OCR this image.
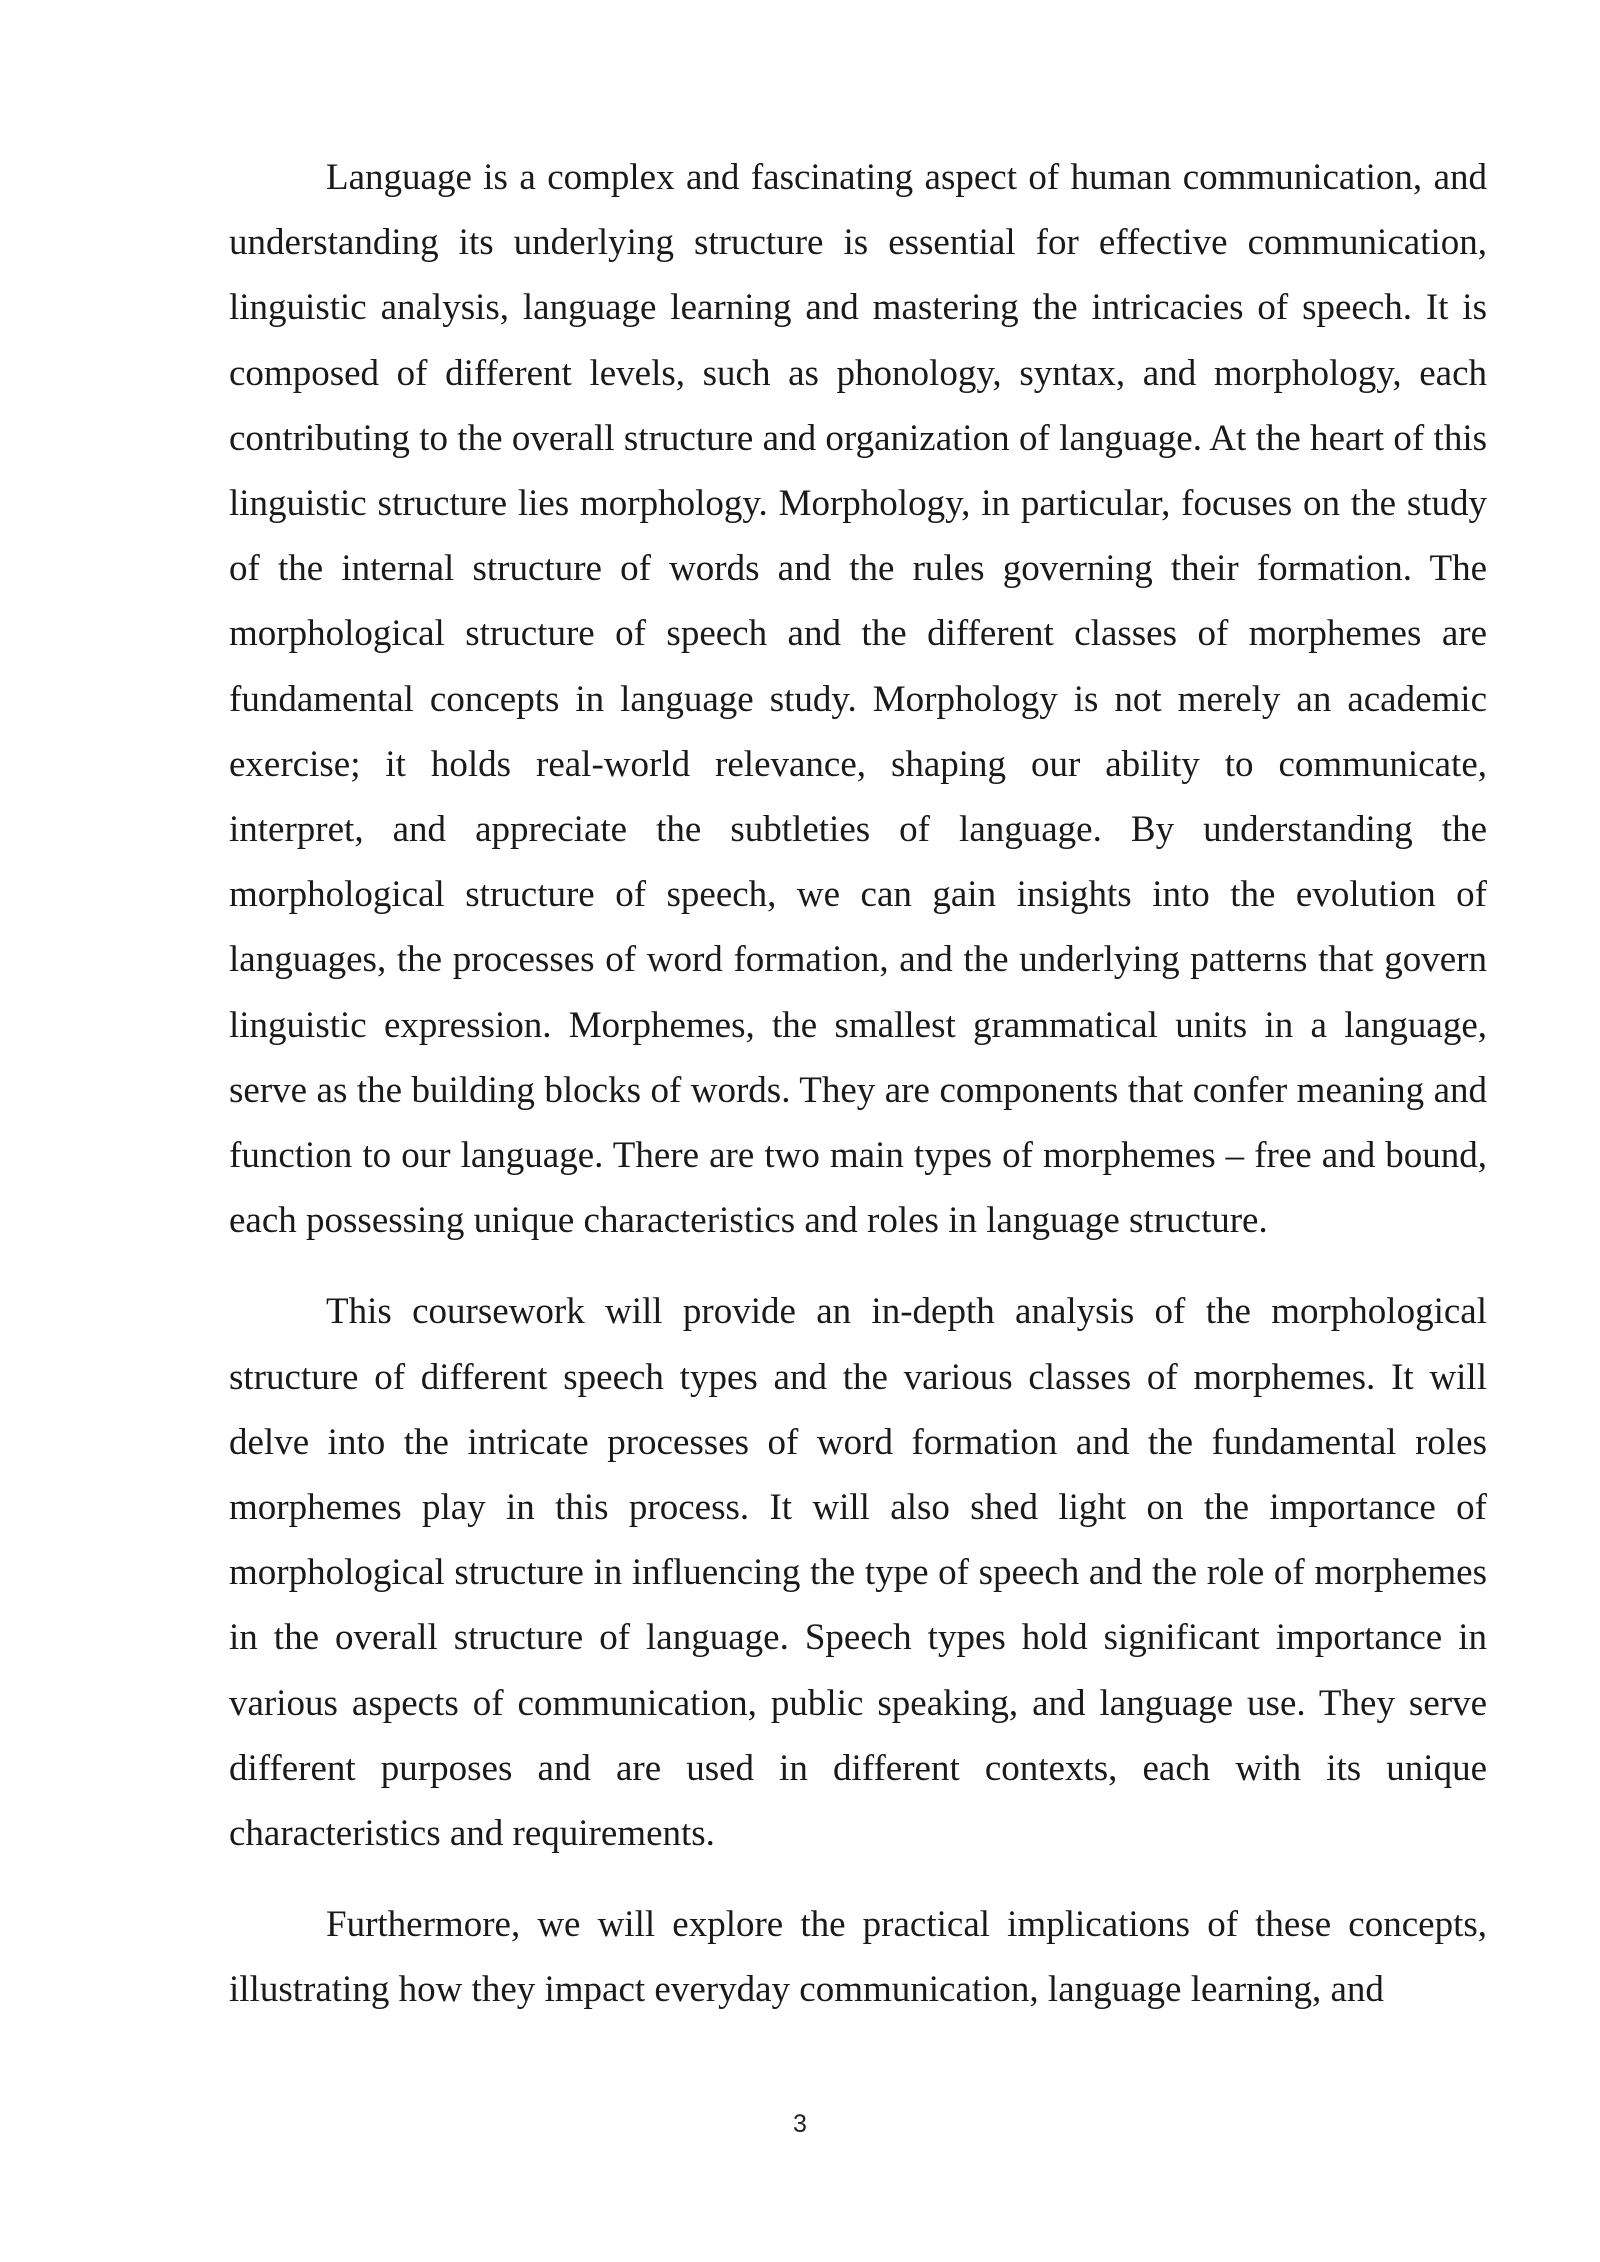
Language is a complex and fascinating aspect of human communication, and understanding its underlying structure is essential for effective communication, linguistic analysis, language learning and mastering the intricacies of speech. It is composed of different levels, such as phonology, syntax, and morphology, each contributing to the overall structure and organization of language. At the heart of this linguistic structure lies morphology. Morphology, in particular, focuses on the study of the internal structure of words and the rules governing their formation. The morphological structure of speech and the different classes of morphemes are fundamental concepts in language study. Morphology is not merely an academic exercise; it holds real-world relevance, shaping our ability to communicate, interpret, and appreciate the subtleties of language. By understanding the morphological structure of speech, we can gain insights into the evolution of languages, the processes of word formation, and the underlying patterns that govern linguistic expression. Morphemes, the smallest grammatical units in a language, serve as the building blocks of words. They are components that confer meaning and function to our language. There are two main types of morphemes – free and bound, each possessing unique characteristics and roles in language structure.

This coursework will provide an in-depth analysis of the morphological structure of different speech types and the various classes of morphemes. It will delve into the intricate processes of word formation and the fundamental roles morphemes play in this process. It will also shed light on the importance of morphological structure in influencing the type of speech and the role of morphemes in the overall structure of language. Speech types hold significant importance in various aspects of communication, public speaking, and language use. They serve different purposes and are used in different contexts, each with its unique characteristics and requirements.

Furthermore, we will explore the practical implications of these concepts, illustrating how they impact everyday communication, language learning, and

3
